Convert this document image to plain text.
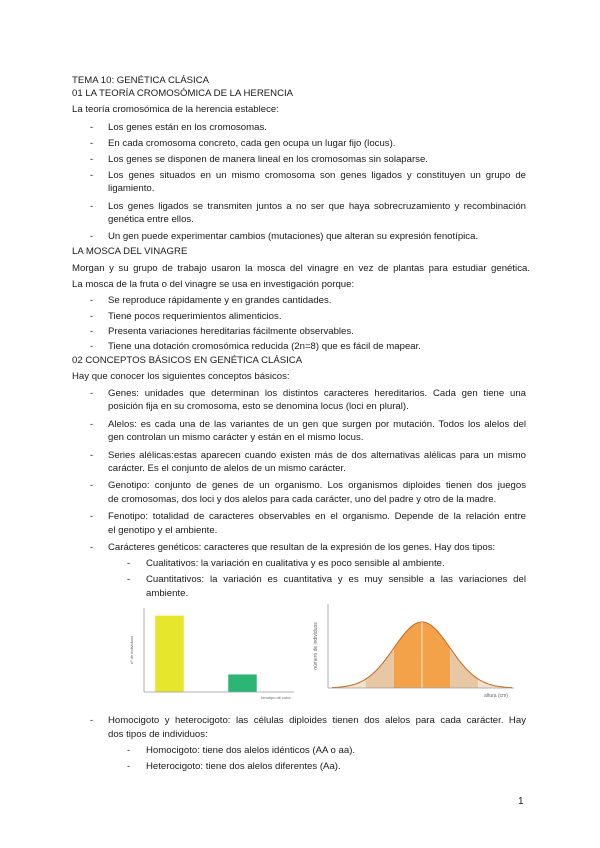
TEMA 10: GENÉTICA CLÁSICA
01 LA TEORÍA CROMOSÓMICA DE LA HERENCIA
La teoría cromosómica de la herencia establece:
- Los genes están en los cromosomas.
- En cada cromosoma concreto, cada gen ocupa un lugar fijo (locus).
- Los genes se disponen de manera lineal en los cromosomas sin solaparse.
- Los genes situados en un mismo cromosoma son genes ligados y constituyen un grupo de
ligamiento.
- Los genes ligados se transmiten juntos a no ser que haya sobrecruzamiento y recombinación
genética entre ellos.
- Un gen puede experimentar cambios (mutaciones) que alteran su expresión fenotípica.
LA MOSCA DEL VINAGRE
Morgan y su grupo de trabajo usaron la mosca del vinagre en vez de plantas para estudiar genética.
La mosca de la fruta o del vinagre se usa en investigación porque:
- Se reproduce rápidamente y en grandes cantidades.
- Tiene pocos requerimientos alimenticios.
- Presenta variaciones hereditarias fácilmente observables.
- Tiene una dotación cromosómica reducida (2n=8) que es fácil de mapear.
02 CONCEPTOS BÁSICOS EN GENÉTICA CLÁSICA
Hay que conocer los siguientes conceptos básicos:
- Genes: unidades que determinan los distintos caracteres hereditarios. Cada gen tiene una
posición fija en su cromosoma, esto se denomina locus (loci en plural).
- Alelos: es cada una de las variantes de un gen que surgen por mutación. Todos los alelos del
gen controlan un mismo carácter y están en el mismo locus.
- Series alélicas:estas aparecen cuando existen más de dos alternativas alélicas para un mismo
carácter. Es el conjunto de alelos de un mismo carácter.
- Genotipo: conjunto de genes de un organismo. Los organismos diploides tienen dos juegos
de cromosomas, dos loci y dos alelos para cada carácter, uno del padre y otro de la madre.
- Fenotipo: totalidad de caracteres observables en el organismo. Depende de la relación entre
el genotipo y el ambiente.
- Carácteres genéticos: caracteres que resultan de la expresión de los genes. Hay dos tipos:
- Cualitativos: la variación en cualitativa y es poco sensible al ambiente.
- Cuantitativos: la variación es cuantitativa y es muy sensible a las variaciones del
ambiente.
nº de individuos
fenotipo de color
número de individuos
altura (cm)
- Homocigoto y heterocigoto: las células diploides tienen dos alelos para cada carácter. Hay
dos tipos de individuos:
- Homocigoto: tiene dos alelos idénticos (AA o aa).
- Heterocigoto: tiene dos alelos diferentes (Aa).
1
